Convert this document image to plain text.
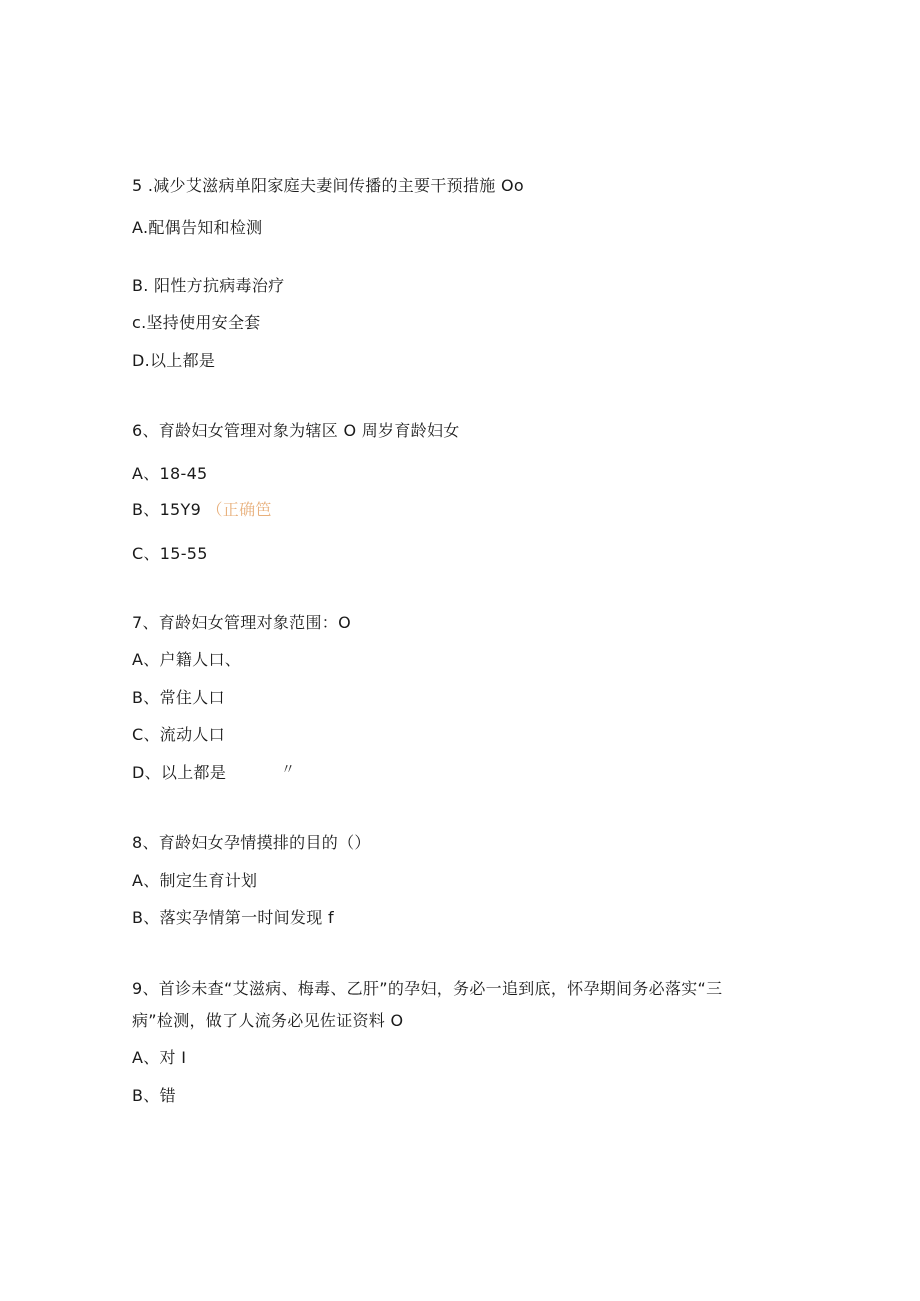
5 .减少艾滋病单阳家庭夫妻间传播的主要干预措施 Oo
A.配偶告知和检测
B. 阳性方抗病毒治疗
c.坚持使用安全套
D.以上都是
6、育龄妇女管理对象为辖区 O 周岁育龄妇女
A、18-45
B、15Y9 （正确笆
C、15-55
7、育龄妇女管理对象范围：O
A、户籍人口、
B、常住人口
C、流动人口
D、以上都是	〃
8、育龄妇女孕情摸排的目的（）
A、制定生育计划
B、落实孕情第一时间发现 f
9、首诊未查“艾滋病、梅毒、乙肝”的孕妇，务必一追到底，怀孕期间务必落实“三
病”检测，做了人流务必见佐证资料 O
A、对 I
B、错
